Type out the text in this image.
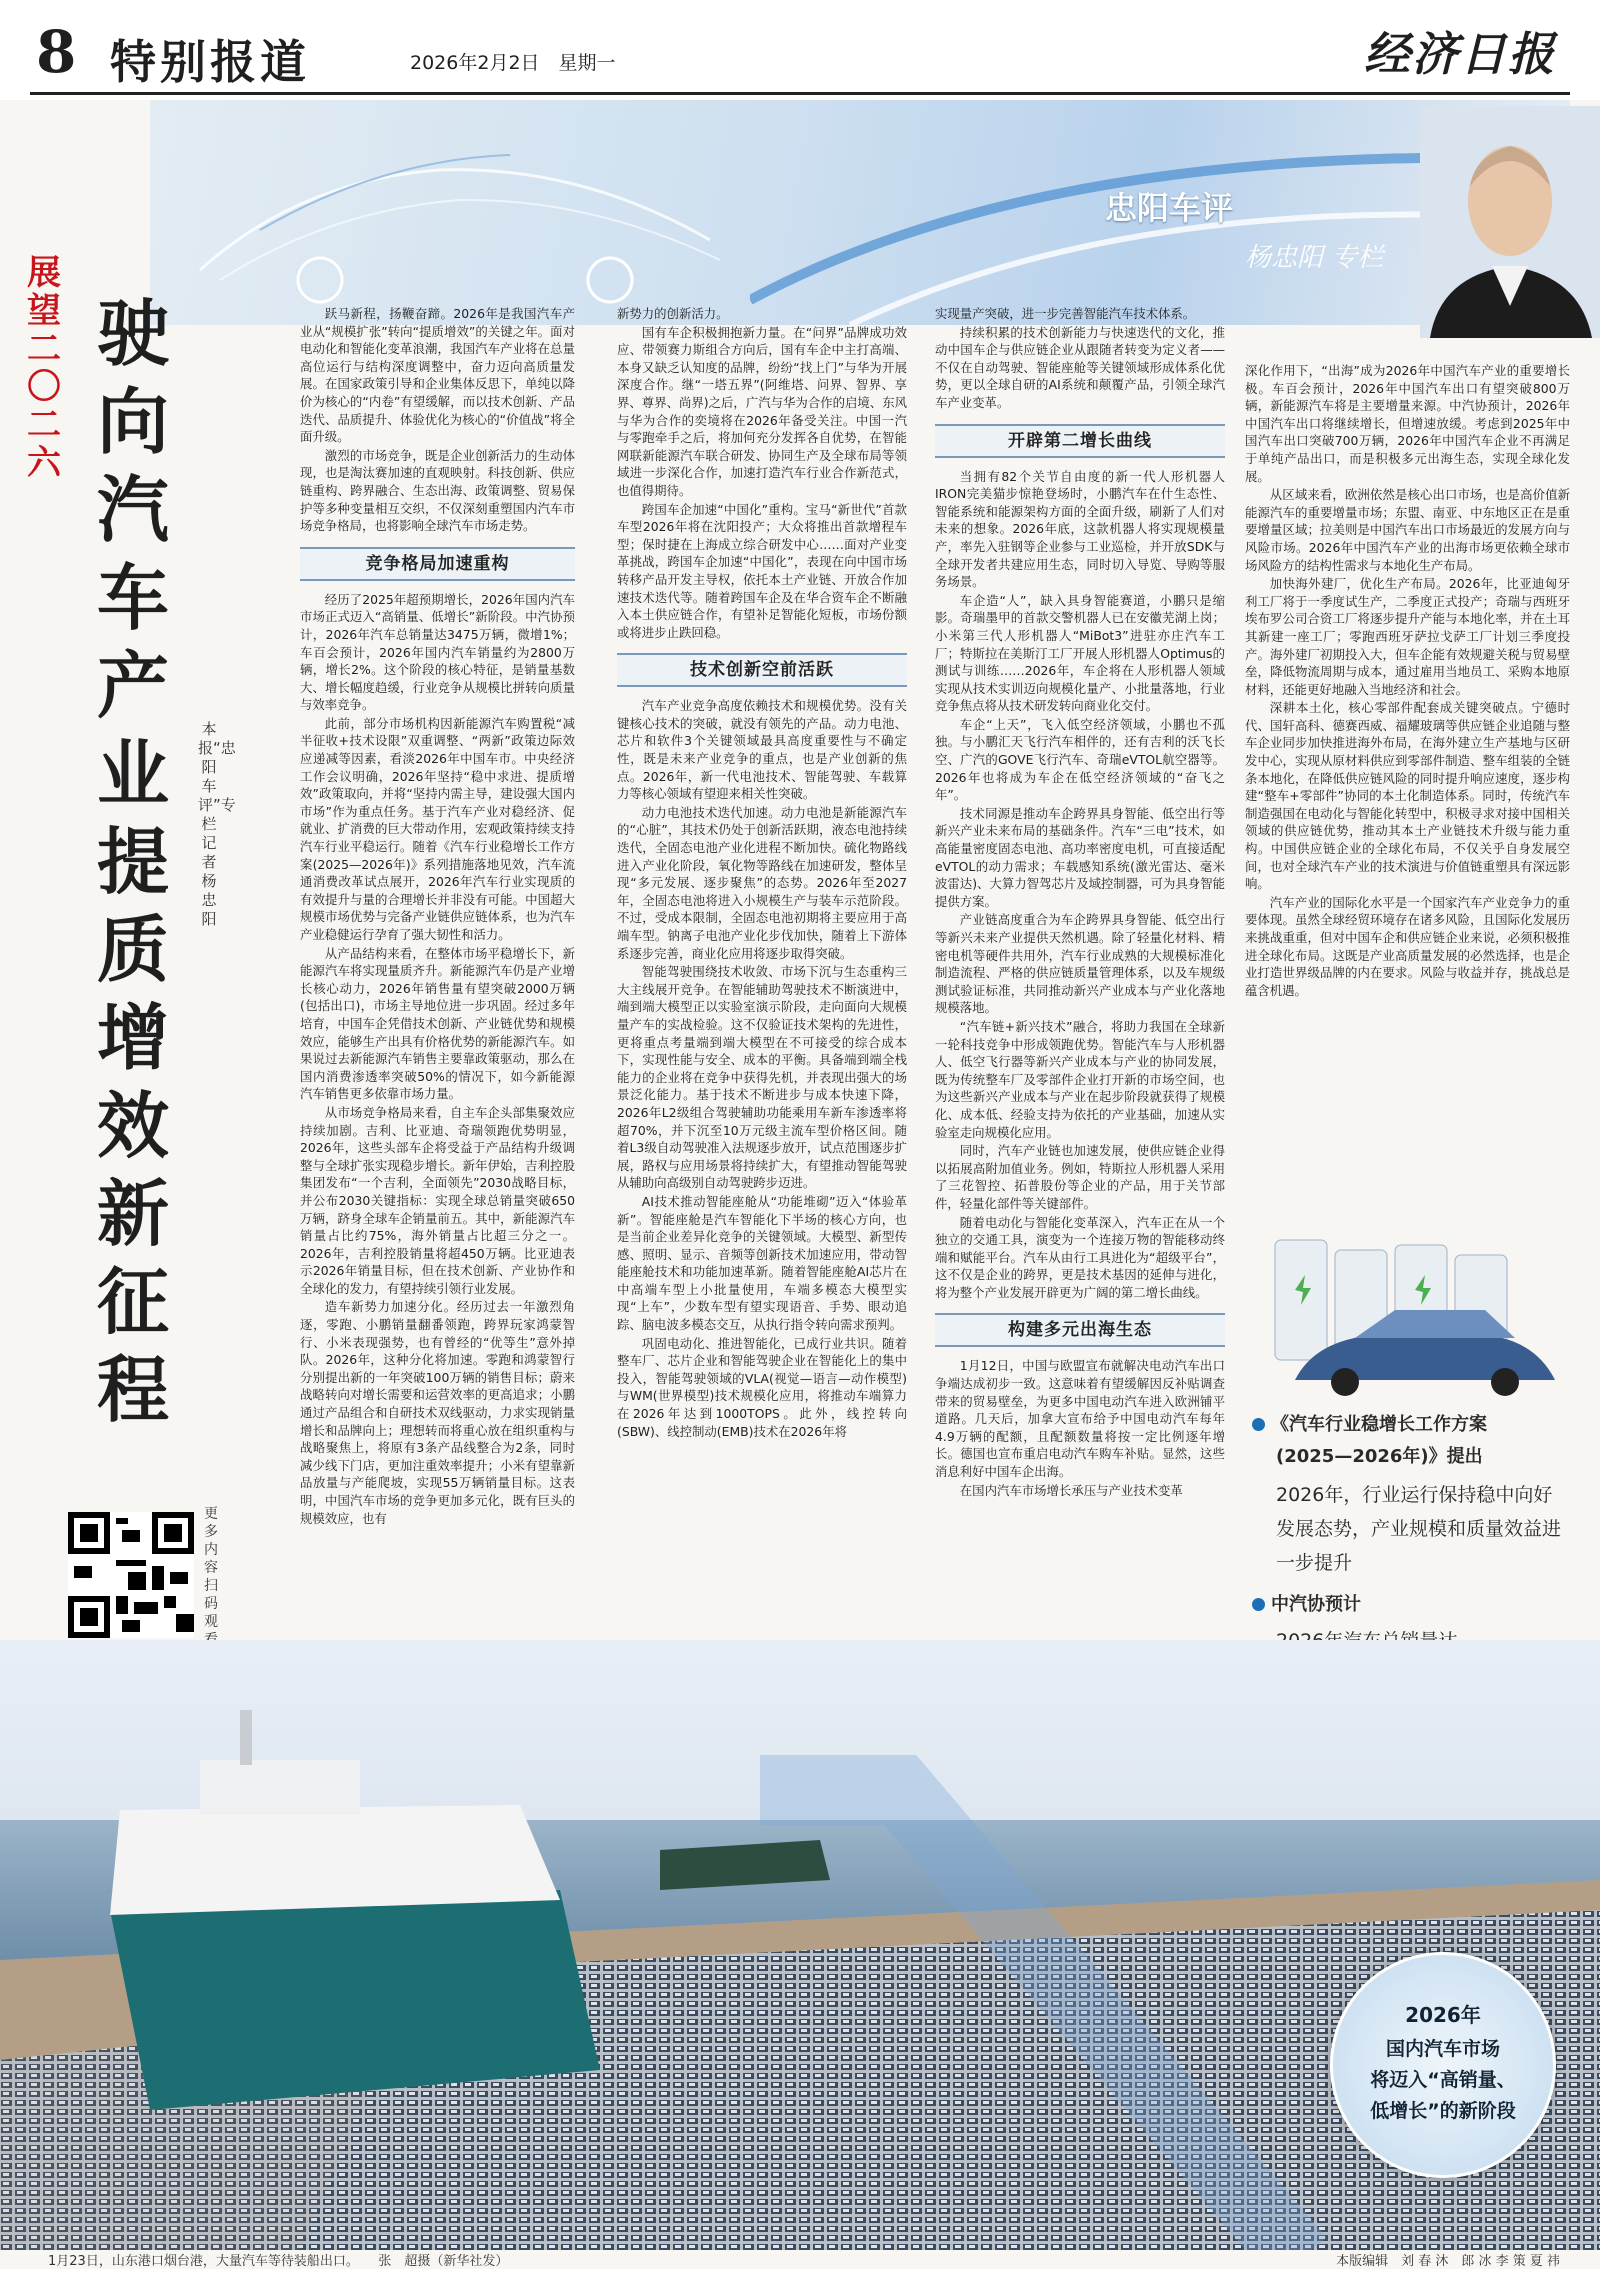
8 特别报道	2026年2月2日　星期一	经济日报
忠阳车评
杨忠阳 专栏
展望二〇二六
驶向汽车产业提质增效新征程
本报“忠阳车评”专栏记者　杨忠阳
更多内容 扫码观

跃马新程，扬鞭奋蹄。2026年是我国汽车产业从“规模扩张”转向“提质增效”的关键之年。面对电动化和智能化变革浪潮，我国汽车产业将在总量高位运行与结构深度调整中，奋力迈向高质量发展。在国家政策引导和企业集体反思下，单纯以降价为核心的“内卷”有望缓解，而以技术创新、产品迭代、品质提升、体验优化为核心的“价值战”将全面升级。

激烈的市场竞争，既是企业创新活力的生动体现，也是淘汰赛加速的直观映射。科技创新、供应链重构、跨界融合、生态出海、政策调整、贸易保护等多种变量相互交织，不仅深刻重塑国内汽车市场竞争格局，也将影响全球汽车市场走势。

竞争格局加速重构

经历了2025年超预期增长，2026年国内汽车市场正式迈入“高销量、低增长”新阶段。中汽协预计，2026年汽车总销量达3475万辆，微增1%；车百会预计，2026年国内汽车销量约为2800万辆，增长2%。这个阶段的核心特征，是销量基数大、增长幅度趋缓，行业竞争从规模比拼转向质量与效率竞争。

此前，部分市场机构因新能源汽车购置税“减半征收+技术设限”双重调整、“两新”政策边际效应递减等因素，看淡2026年中国车市。中央经济工作会议明确，2026年坚持“稳中求进、提质增效”政策取向，并将“坚持内需主导，建设强大国内市场”作为重点任务。基于汽车产业对稳经济、促就业、扩消费的巨大带动作用，宏观政策持续支持汽车行业平稳运行。随着《汽车行业稳增长工作方案(2025—2026年)》系列措施落地见效，汽车流通消费改革试点展开，2026年汽车行业实现质的有效提升与量的合理增长并非没有可能。中国超大规模市场优势与完备产业链供应链体系，也为汽车产业稳健运行孕育了强大韧性和活力。

从产品结构来看，在整体市场平稳增长下，新能源汽车将实现量质齐升。新能源汽车仍是产业增长核心动力，2026年销售量有望突破2000万辆(包括出口)，市场主导地位进一步巩固。经过多年培育，中国车企凭借技术创新、产业链优势和规模效应，能够生产出具有价格优势的新能源汽车。如果说过去新能源汽车销售主要靠政策驱动，那么在国内消费渗透率突破50%的情况下，如今新能源汽车销售更多依靠市场力量。

从市场竞争格局来看，自主车企头部集聚效应持续加剧。吉利、比亚迪、奇瑞领跑优势明显，2026年，这些头部车企将受益于产品结构升级调整与全球扩张实现稳步增长。新年伊始，吉利控股集团发布“一个吉利，全面领先”2030战略目标，并公布2030关键指标：实现全球总销量突破650万辆，跻身全球车企销量前五。其中，新能源汽车销量占比约75%，海外销量占比超三分之一。2026年，吉利控股销量将超450万辆。比亚迪表示2026年销量目标，但在技术创新、产业协作和全球化的发力，有望持续引领行业发展。

造车新势力加速分化。经历过去一年激烈角逐，零跑、小鹏销量翻番领跑，跨界玩家鸿蒙智行、小米表现强势，也有曾经的“优等生”意外掉队。2026年，这种分化将加速。零跑和鸿蒙智行分别提出新的一年突破100万辆的销售目标；蔚来战略转向对增长需要和运营效率的更高追求；小鹏通过产品组合和自研技术双线驱动，力求实现销量增长和品牌向上；理想转而将重心放在组织重构与战略聚焦上，将原有3条产品线整合为2条，同时减少线下门店，更加注重效率提升；小米有望靠新品放量与产能爬坡，实现55万辆销量目标。这表明，中国汽车市场的竞争更加多元化，既有巨头的规模效应，也有

新势力的创新活力。

国有车企积极拥抱新力量。在“问界”品牌成功效应、带领赛力斯组合方向后，国有车企中主打高端、本身又缺乏认知度的品牌，纷纷“找上门”与华为开展深度合作。继“一塔五界”(阿维塔、问界、智界、享界、尊界、尚界)之后，广汽与华为合作的启境、东风与华为合作的奕境将在2026年备受关注。中国一汽与零跑牵手之后，将加何充分发挥各自优势，在智能网联新能源汽车联合研发、协同生产及全球布局等领域进一步深化合作，加速打造汽车行业合作新范式，也值得期待。

跨国车企加速“中国化”重构。宝马“新世代”首款车型2026年将在沈阳投产；大众将推出首款增程车型；保时捷在上海成立综合研发中心……面对产业变革挑战，跨国车企加速“中国化”，表现在向中国市场转移产品开发主导权，依托本土产业链、开放合作加速技术迭代等。随着跨国车企及在华合资车企不断融入本土供应链合作，有望补足智能化短板，市场份额或将进步止跌回稳。

技术创新空前活跃

汽车产业竞争高度依赖技术和规模优势。没有关键核心技术的突破，就没有领先的产品。动力电池、芯片和软件3个关键领域最具高度重要性与不确定性，既是未来产业竞争的重点，也是产业创新的焦点。2026年，新一代电池技术、智能驾驶、车载算力等核心领域有望迎来相关性突破。

动力电池技术迭代加速。动力电池是新能源汽车的“心脏”，其技术仍处于创新活跃期，液态电池持续迭代，全固态电池产业化进程不断加快。硫化物路线进入产业化阶段，氧化物等路线在加速研发，整体呈现“多元发展、逐步聚焦”的态势。2026年至2027年，全固态电池将进入小规模生产与装车示范阶段。不过，受成本限制，全固态电池初期将主要应用于高端车型。钠离子电池产业化步伐加快，随着上下游体系逐步完善，商业化应用将逐步取得突破。

智能驾驶围绕技术收敛、市场下沉与生态重构三大主线展开竞争。在智能辅助驾驶技术不断演进中，端到端大模型正以实验室演示阶段，走向面向大规模量产车的实战检验。这不仅验证技术架构的先进性，更将重点考量端到端大模型在不可接受的综合成本下，实现性能与安全、成本的平衡。具备端到端全栈能力的企业将在竞争中获得先机，并表现出强大的场景泛化能力。基于技术不断进步与成本快速下降，2026年L2级组合驾驶辅助功能乘用车新车渗透率将超70%，并下沉至10万元级主流车型价格区间。随着L3级自动驾驶准入法规逐步放开，试点范围逐步扩展，路权与应用场景将持续扩大，有望推动智能驾驶从辅助向高级别自动驾驶跨步迈进。

AI技术推动智能座舱从“功能堆砌”迈入“体验革新”。智能座舱是汽车智能化下半场的核心方向，也是当前企业差异化竞争的关键领域。大模型、新型传感、照明、显示、音频等创新技术加速应用，带动智能座舱技术和功能加速革新。随着智能座舱AI芯片在中高端车型上小批量使用，车端多模态大模型实现“上车”，少数车型有望实现语音、手势、眼动追踪、脑电波多模态交互，从执行指令转向需求预判。

巩固电动化、推进智能化，已成行业共识。随着整车厂、芯片企业和智能驾驶企业在智能化上的集中投入，智能驾驶领域的VLA(视觉—语言—动作模型)与WM(世界模型)技术规模化应用，将推动车端算力在2026年达到1000TOPS。此外，线控转向(SBW)、线控制动(EMB)技术在2026年将

实现量产突破，进一步完善智能汽车技术体系。

持续积累的技术创新能力与快速迭代的文化，推动中国车企与供应链企业从跟随者转变为定义者——不仅在自动驾驶、智能座舱等关键领域形成体系化优势，更以全球自研的AI系统和颠覆产品，引领全球汽车产业变革。

开辟第二增长曲线

当拥有82个关节自由度的新一代人形机器人IRON完美猫步惊艳登场时，小鹏汽车在什生态性、智能系统和能源架构方面的全面升级，刷新了人们对未来的想象。2026年底，这款机器人将实现规模量产，率先入驻钢等企业参与工业巡检，并开放SDK与全球开发者共建应用生态，同时切入导览、导购等服务场景。

车企造“人”，缺入具身智能赛道，小鹏只是缩影。奇瑞墨甲的首款交警机器人已在安徽芜湖上岗；小米第三代人形机器人“MiBot3”进驻亦庄汽车工厂；特斯拉在美斯汀工厂开展人形机器人Optimus的测试与训练……2026年，车企将在人形机器人领域实现从技术实训迈向规模化量产、小批量落地，行业竞争焦点将从技术研发转向商业化交付。

车企“上天”，飞入低空经济领域，小鹏也不孤独。与小鹏汇天飞行汽车相伴的，还有吉利的沃飞长空、广汽的GOVE飞行汽车、奇瑞eVTOL航空器等。2026年也将成为车企在低空经济领域的“奋飞之年”。

技术同源是推动车企跨界具身智能、低空出行等新兴产业未来布局的基础条件。汽车“三电”技术，如高能量密度固态电池、高功率密度电机，可直接适配eVTOL的动力需求；车载感知系统(激光雷达、毫米波雷达)、大算力智驾芯片及域控制器，可为具身智能提供方案。

产业链高度重合为车企跨界具身智能、低空出行等新兴未来产业提供天然机遇。除了轻量化材料、精密电机等硬件共用外，汽车行业成熟的大规模标准化制造流程、严格的供应链质量管理体系，以及车规级测试验证标准，共同推动新兴产业成本与产业化落地规模落地。

“汽车链+新兴技术”融合，将助力我国在全球新一轮科技竞争中形成领跑优势。智能汽车与人形机器人、低空飞行器等新兴产业成本与产业的协同发展，既为传统整车厂及零部件企业打开新的市场空间，也为这些新兴产业成本与产业在起步阶段就获得了规模化、成本低、经验支持为依托的产业基础，加速从实验室走向规模化应用。

同时，汽车产业链也加速发展，使供应链企业得以拓展高附加值业务。例如，特斯拉人形机器人采用了三花智控、拓普股份等企业的产品，用于关节部件，轻量化部件等关键部件。

随着电动化与智能化变革深入，汽车正在从一个独立的交通工具，演变为一个连接万物的智能移动终端和赋能平台。汽车从由行工具进化为“超级平台”，这不仅是企业的跨界，更是技术基因的延伸与进化，将为整个产业发展开辟更为广阔的第二增长曲线。

构建多元出海生态

1月12日，中国与欧盟宣布就解决电动汽车出口争端达成初步一致。这意味着有望缓解因反补贴调查带来的贸易壁垒，为更多中国电动汽车进入欧洲铺平道路。几天后，加拿大宣布给予中国电动汽车每年4.9万辆的配额，且配额数量将按一定比例逐年增长。德国也宣布重启电动汽车购车补贴。显然，这些消息利好中国车企出海。

在国内汽车市场增长承压与产业技术变革

深化作用下，“出海”成为2026年中国汽车产业的重要增长极。车百会预计，2026年中国汽车出口有望突破800万辆，新能源汽车将是主要增量来源。中汽协预计，2026年中国汽车出口将继续增长，但增速放缓。考虑到2025年中国汽车出口突破700万辆，2026年中国汽车企业不再满足于单纯产品出口，而是积极多元出海生态，实现全球化发展。

从区域来看，欧洲依然是核心出口市场，也是高价值新能源汽车的重要增量市场；东盟、南亚、中东地区正在是重要增量区域；拉美则是中国汽车出口市场最近的发展方向与风险市场。2026年中国汽车产业的出海市场更依赖全球市场风险方的结构性需求与本地化生产布局。

加快海外建厂，优化生产布局。2026年，比亚迪匈牙利工厂将于一季度试生产，二季度正式投产；奇瑞与西班牙埃布罗公司合资工厂将逐步提升产能与本地化率，并在土耳其新建一座工厂；零跑西班牙萨拉戈萨工厂计划三季度投产。海外建厂初期投入大，但车企能有效规避关税与贸易壁垒，降低物流周期与成本，通过雇用当地员工、采购本地原材料，还能更好地融入当地经济和社会。

深耕本土化，核心零部件配套成关键突破点。宁德时代、国轩高科、德赛西威、福耀玻璃等供应链企业追随与整车企业同步加快推进海外布局，在海外建立生产基地与区研发中心，实现从原材料供应到零部件制造、整车组装的全链条本地化，在降低供应链风险的同时提升响应速度，逐步构建“整车+零部件”协同的本土化制造体系。同时，传统汽车制造强国在电动化与智能化转型中，积极寻求对接中国相关领域的供应链优势，推动其本土产业链技术升级与能力重构。中国供应链企业的全球化布局，不仅关乎自身发展空间，也对全球汽车产业的技术演进与价值链重塑具有深远影响。

汽车产业的国际化水平是一个国家汽车产业竞争力的重要体现。虽然全球经贸环境存在诸多风险，且国际化发展历来挑战重重，但对中国车企和供应链企业来说，必须积极推进全球化布局。这既是产业高质量发展的必然选择，也是企业打造世界级品牌的内在要求。风险与收益并存，挑战总是蕴含机遇。

《汽车行业稳增长工作方案
(2025—2026年)》提出
2026年，行业运行保持稳中向好
发展态势，产业规模和质量效益进
一步提升
中汽协预计
2026年
国内汽车市场
将迈入“高销量、
低增长”的新阶段
1月23日，山东港口烟台港，大量汽车等待装船出口。　　张　超摄（新华社发）	本版编辑　刘 春 沐　郎 冰 李 策 夏 祎
